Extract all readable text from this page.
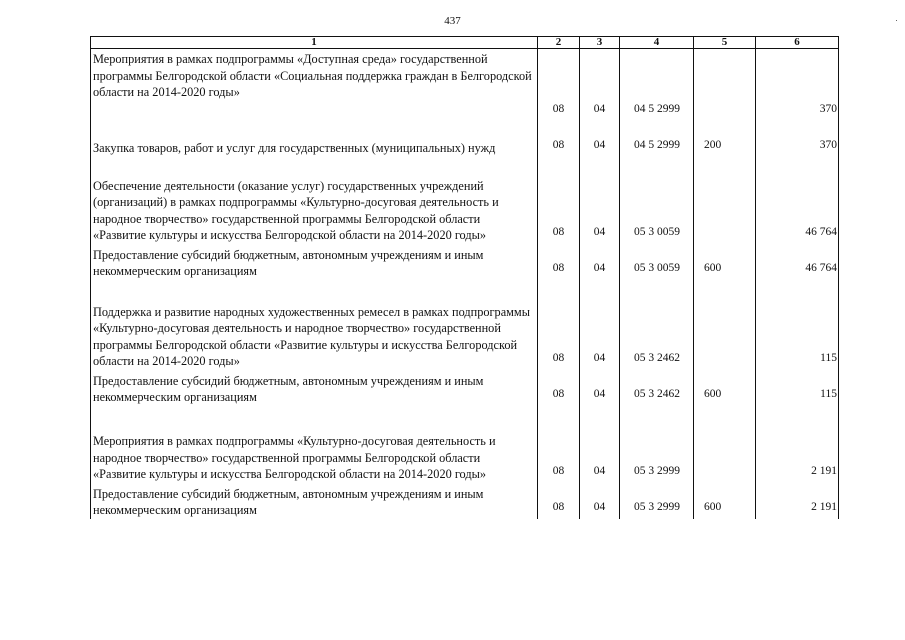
437
1	2	3	4	5	6
Мероприятия в рамках подпрограммы «Доступная среда» государственной программы Белгородской области «Социальная поддержка граждан в Белгородской области на 2014-2020 годы»	08	04	04 5 2999		370
Закупка товаров, работ и услуг для государственных (муниципальных) нужд	08	04	04 5 2999	200	370
Обеспечение деятельности (оказание услуг) государственных учреждений (организаций) в рамках подпрограммы «Культурно-досуговая деятельность и народное творчество» государственной программы Белгородской области «Развитие культуры и искусства Белгородской области на 2014-2020 годы»	08	04	05 3 0059		46 764
Предоставление субсидий бюджетным, автономным учреждениям и иным некоммерческим организациям	08	04	05 3 0059	600	46 764
Поддержка и развитие народных художественных ремесел в рамках подпрограммы «Культурно-досуговая деятельность и народное творчество» государственной программы Белгородской области «Развитие культуры и искусства Белгородской области на 2014-2020 годы»	08	04	05 3 2462		115
Предоставление субсидий бюджетным, автономным учреждениям и иным некоммерческим организациям	08	04	05 3 2462	600	115
Мероприятия в рамках подпрограммы «Культурно-досуговая деятельность и народное творчество» государственной программы Белгородской области «Развитие культуры и искусства Белгородской области на 2014-2020 годы»	08	04	05 3 2999		2 191
Предоставление субсидий бюджетным, автономным учреждениям и иным некоммерческим организациям	08	04	05 3 2999	600	2 191
